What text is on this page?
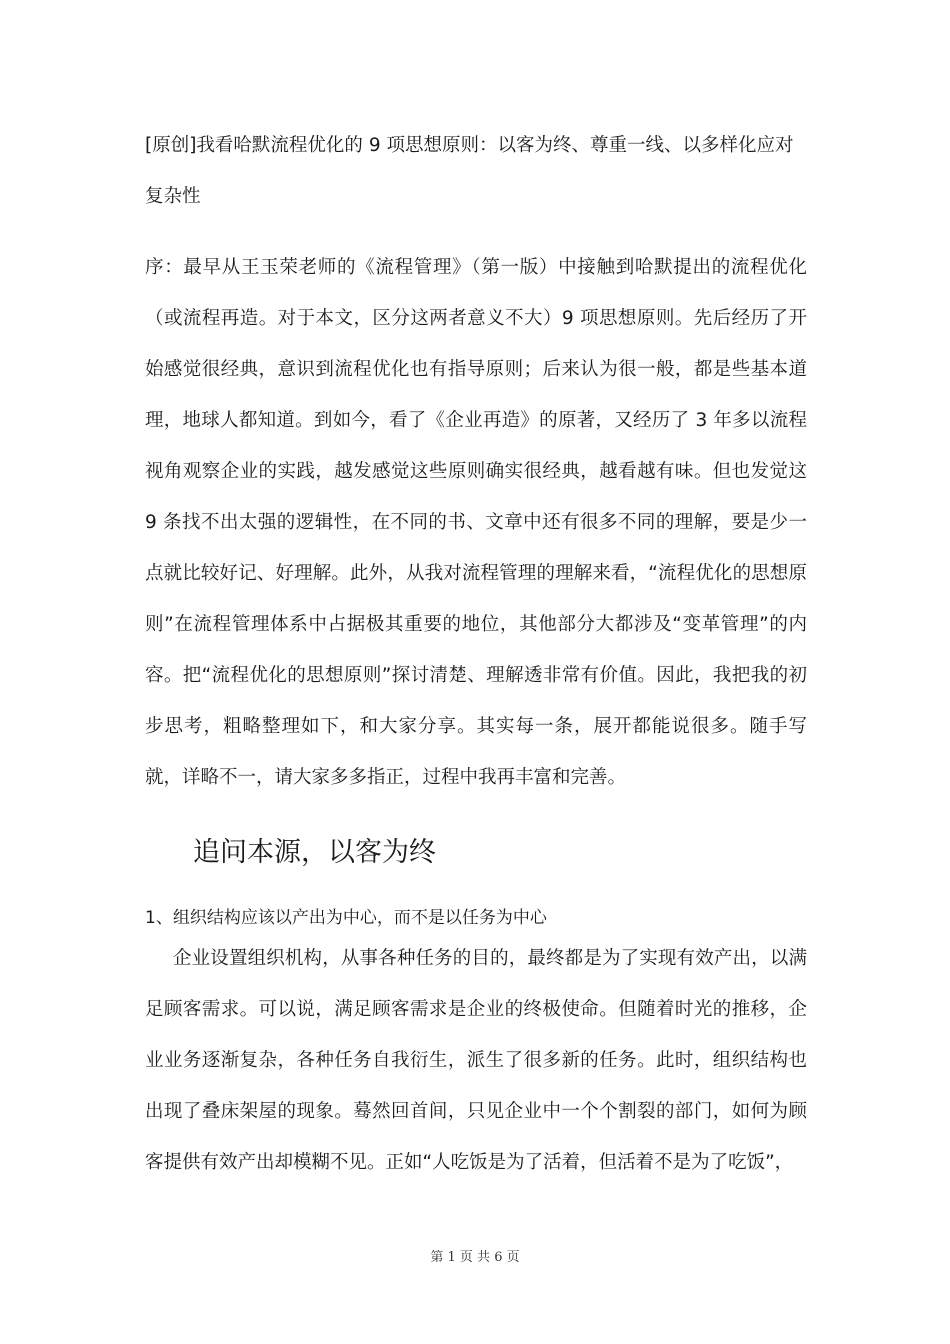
[原创]我看哈默流程优化的 9 项思想原则：以客为终、尊重一线、以多样化应对复杂性

序：最早从王玉荣老师的《流程管理》（第一版）中接触到哈默提出的流程优化（或流程再造。对于本文，区分这两者意义不大）9 项思想原则。先后经历了开始感觉很经典，意识到流程优化也有指导原则；后来认为很一般，都是些基本道理，地球人都知道。到如今，看了《企业再造》的原著，又经历了 3 年多以流程视角观察企业的实践，越发感觉这些原则确实很经典，越看越有味。但也发觉这 9 条找不出太强的逻辑性，在不同的书、文章中还有很多不同的理解，要是少一点就比较好记、好理解。此外，从我对流程管理的理解来看，“流程优化的思想原则”在流程管理体系中占据极其重要的地位，其他部分大都涉及“变革管理”的内容。把“流程优化的思想原则”探讨清楚、理解透非常有价值。因此，我把我的初步思考，粗略整理如下，和大家分享。其实每一条，展开都能说很多。随手写就，详略不一，请大家多多指正，过程中我再丰富和完善。

追问本源，以客为终

1、组织结构应该以产出为中心，而不是以任务为中心

企业设置组织机构，从事各种任务的目的，最终都是为了实现有效产出，以满足顾客需求。可以说，满足顾客需求是企业的终极使命。但随着时光的推移，企业业务逐渐复杂，各种任务自我衍生，派生了很多新的任务。此时，组织结构也出现了叠床架屋的现象。蓦然回首间，只见企业中一个个割裂的部门，如何为顾客提供有效产出却模糊不见。正如“人吃饭是为了活着，但活着不是为了吃饭”，

第 1 页 共 6 页
